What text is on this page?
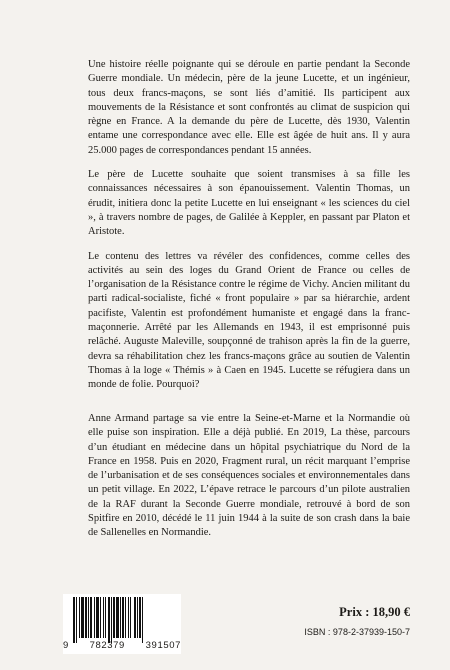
Une histoire réelle poignante qui se déroule en partie pendant la Seconde Guerre mondiale. Un médecin, père de la jeune Lucette, et un ingénieur, tous deux francs-maçons, se sont liés d’amitié. Ils participent aux mouvements de la Résistance et sont confrontés au climat de suspicion qui règne en France. A la demande du père de Lucette, dès 1930, Valentin entame une correspondance avec elle. Elle est âgée de huit ans. Il y aura 25.000 pages de correspondances pendant 15 années.

Le père de Lucette souhaite que soient transmises à sa fille les connaissances nécessaires à son épanouissement. Valentin Thomas, un érudit, initiera donc la petite Lucette en lui enseignant « les sciences du ciel », à travers nombre de pages, de Galilée à Keppler, en passant par Platon et Aristote.

Le contenu des lettres va révéler des confidences, comme celles des activités au sein des loges du Grand Orient de France ou celles de l’organisation de la Résistance contre le régime de Vichy. Ancien militant du parti radical-socialiste, fiché « front populaire » par sa hiérarchie, ardent pacifiste, Valentin est profondément humaniste et engagé dans la franc-maçonnerie. Arrêté par les Allemands en 1943, il est emprisonné puis relâché. Auguste Maleville, soupçonné de trahison après la fin de la guerre, devra sa réhabilitation chez les francs-maçons grâce au soutien de Valentin Thomas à la loge « Thémis » à Caen en 1945. Lucette se réfugiera dans un monde de folie. Pourquoi?

Anne Armand partage sa vie entre la Seine-et-Marne et la Normandie où elle puise son inspiration. Elle a déjà publié. En 2019, La thèse, parcours d’un étudiant en médecine dans un hôpital psychiatrique du Nord de la France en 1958. Puis en 2020, Fragment rural, un récit marquant l’emprise de l’urbanisation et de ses conséquences sociales et environnementales dans un petit village. En 2022, L’épave retrace le parcours d’un pilote australien de la RAF durant la Seconde Guerre mondiale, retrouvé à bord de son Spitfire en 2010, décédé le 11 juin 1944 à la suite de son crash dans la baie de Sallenelles en Normandie.

9 782379 391507
Prix : 18,90 €
ISBN : 978-2-37939-150-7
